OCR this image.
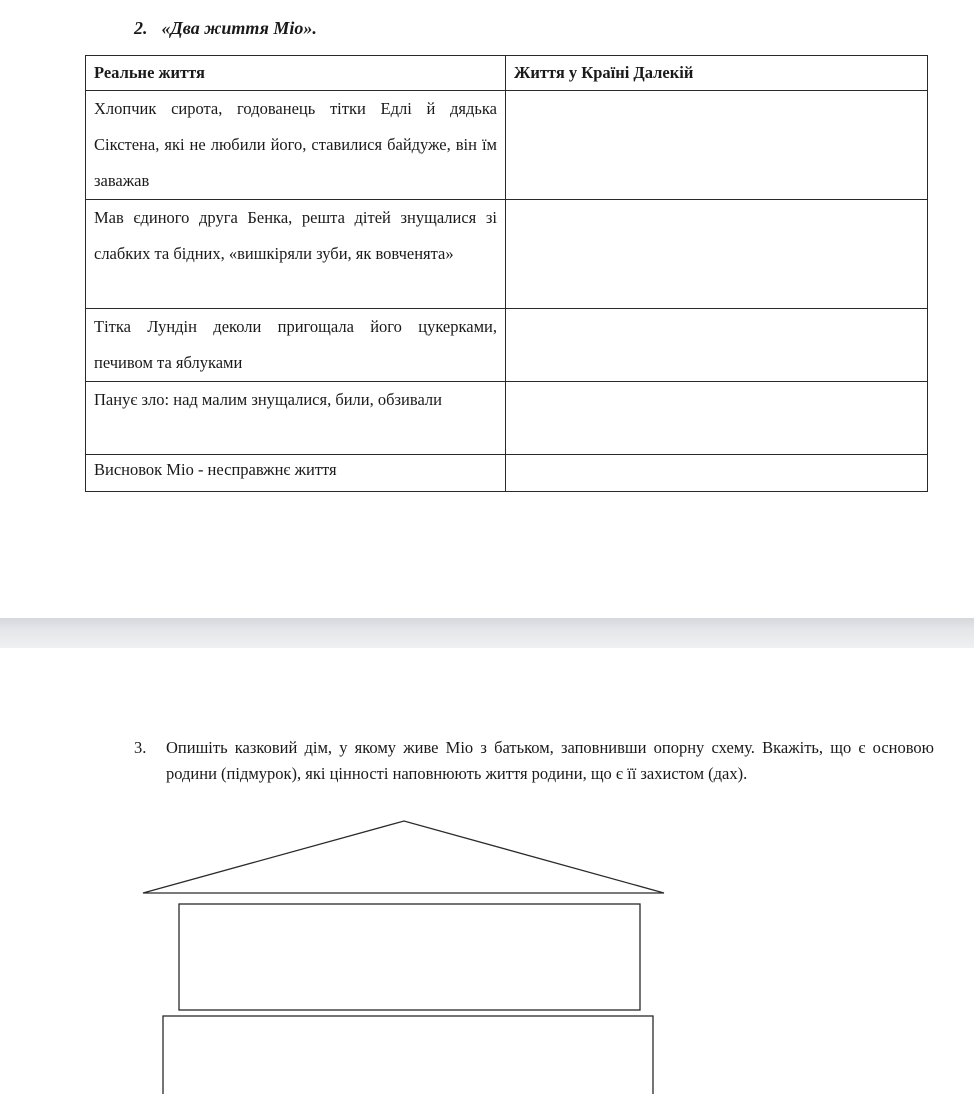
2. «Два життя Міо».
Реальне життя	Життя у Країні Далекій

Хлопчик сирота, годованець тітки Едлі й дядька Сікстена, які не любили його, ставилися байдуже, він їм заважав	

Мав єдиного друга Бенка, решта дітей знущалися зі слабких та бідних, «вишкіряли зуби, як вовченята»	

Тітка Лундін деколи пригощала його цукерками, печивом та яблуками	

Панує зло: над малим знущалися, били, обзивали	

Висновок Міо - несправжнє життя	

3. Опишіть казковий дім, у якому живе Міо з батьком, заповнивши опорну схему. Вкажіть, що є основою родини (підмурок), які цінності наповнюють життя родини, що є її захистом (дах).
